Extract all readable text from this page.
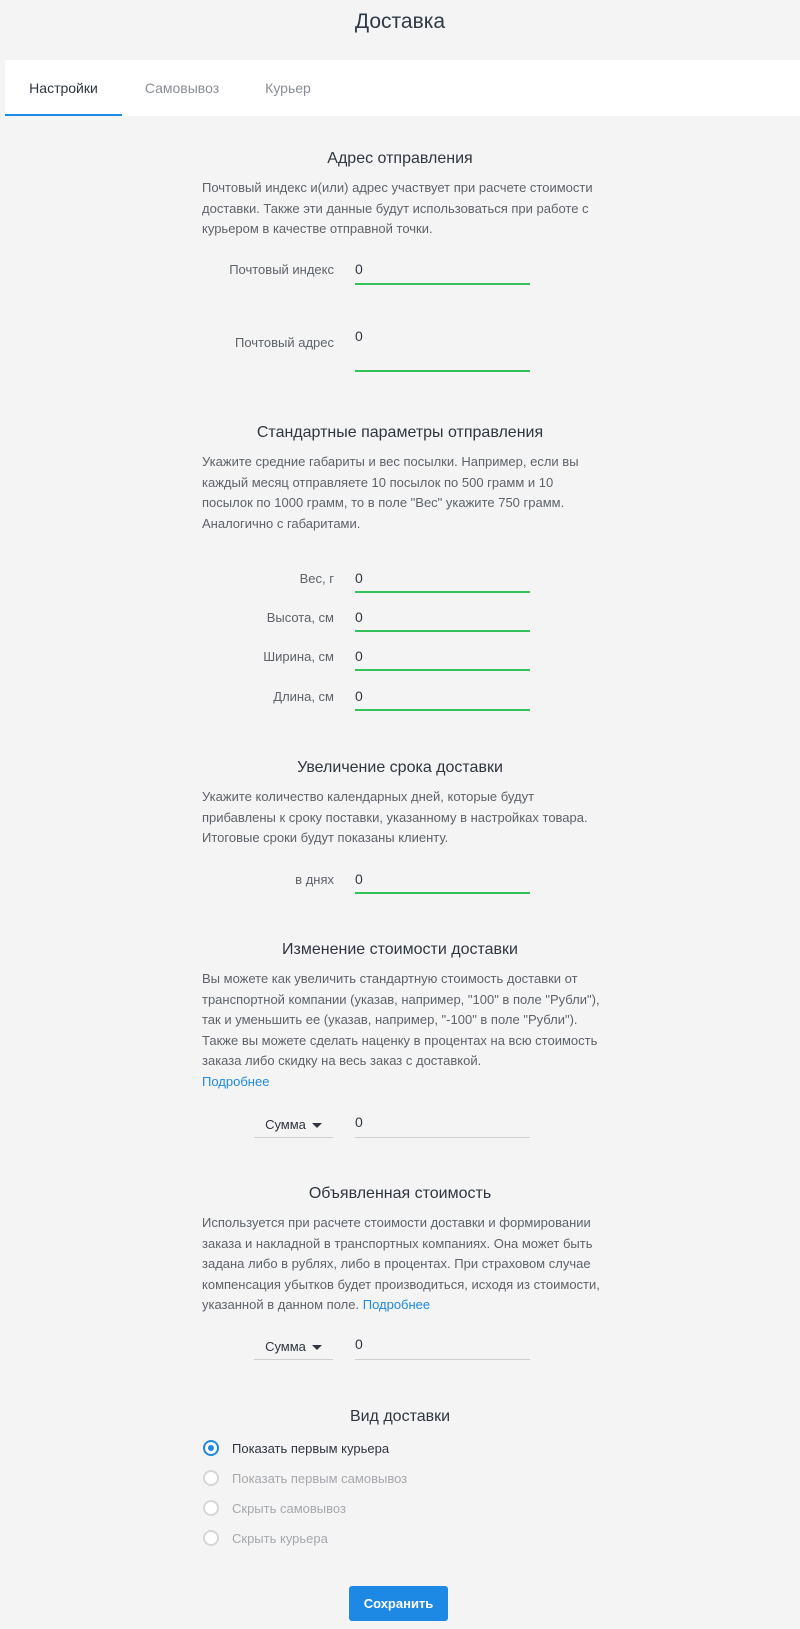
Доставка
Настройки	Самовывоз	Курьер
Адрес отправления
Почтовый индекс и(или) адрес участвует при расчете стоимости доставки. Также эти данные будут использоваться при работе с курьером в качестве отправной точки.
Почтовый индекс 0
Почтовый адрес 0
Стандартные параметры отправления
Укажите средние габариты и вес посылки. Например, если вы каждый месяц отправляете 10 посылок по 500 грамм и 10 посылок по 1000 грамм, то в поле "Вес" укажите 750 грамм. Аналогично с габаритами.
Вес, г 0
Высота, см 0
Ширина, см 0
Длина, см 0
Увеличение срока доставки
Укажите количество календарных дней, которые будут прибавлены к сроку поставки, указанному в настройках товара. Итоговые сроки будут показаны клиенту.
в днях 0
Изменение стоимости доставки
Вы можете как увеличить стандартную стоимость доставки от транспортной компании (указав, например, "100" в поле "Рубли"), так и уменьшить ее (указав, например, "-100" в поле "Рубли"). Также вы можете сделать наценку в процентах на всю стоимость заказа либо скидку на весь заказ с доставкой.
Подробнее
Сумма	0
Объявленная стоимость
Используется при расчете стоимости доставки и формировании заказа и накладной в транспортных компаниях. Она может быть задана либо в рублях, либо в процентах. При страховом случае компенсация убытков будет производиться, исходя из стоимости, указанной в данном поле. Подробнее
Сумма	0
Вид доставки
Показать первым курьера
Показать первым самовывоз
Скрыть самовывоз
Скрыть курьера
Сохранить
